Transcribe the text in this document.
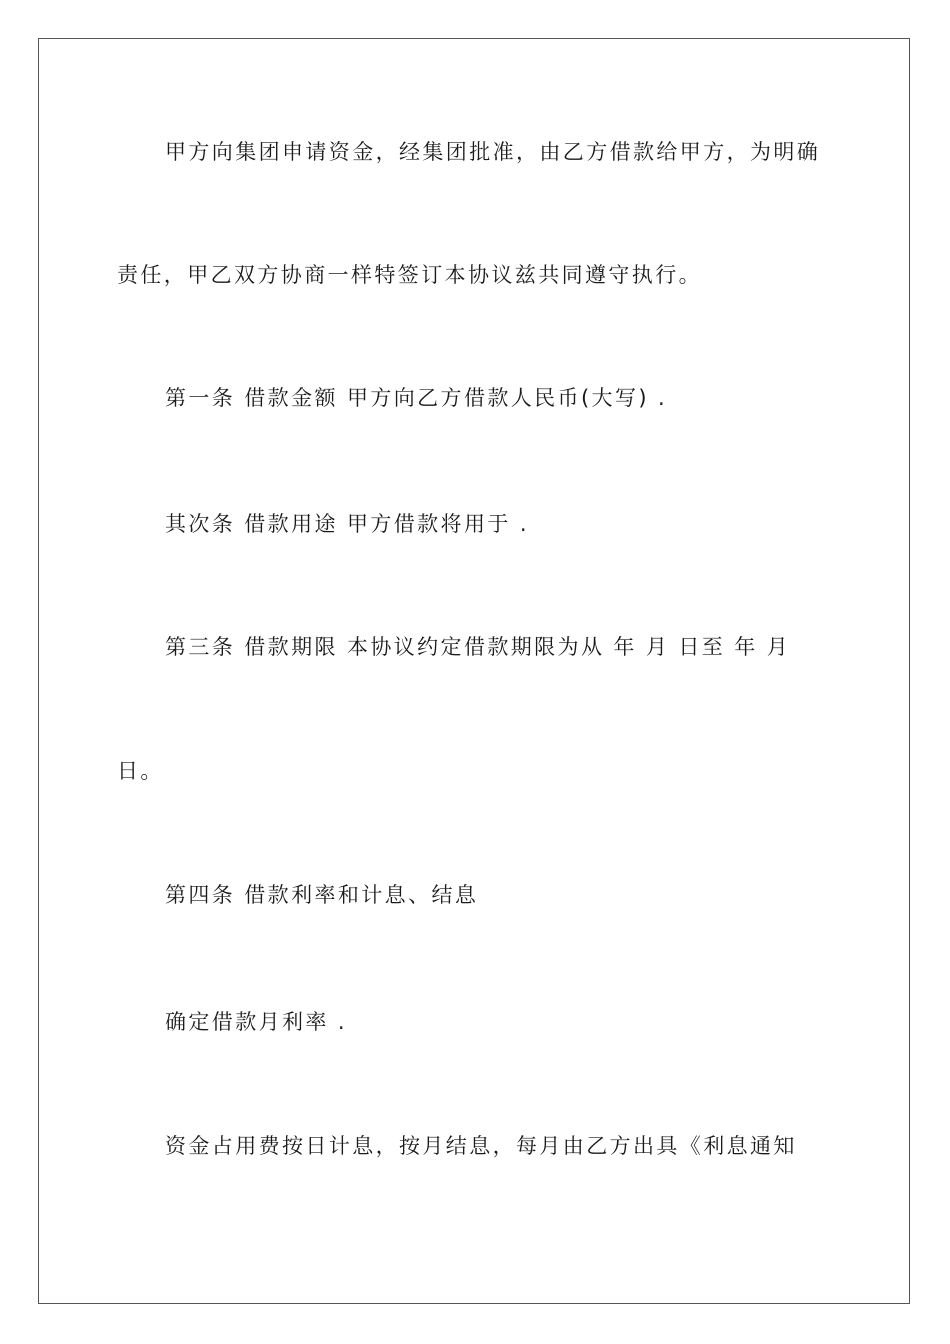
甲方向集团申请资金，经集团批准，由乙方借款给甲方，为明确

责任，甲乙双方协商一样特签订本协议兹共同遵守执行。

第一条 借款金额 甲方向乙方借款人民币(大写) .

其次条 借款用途 甲方借款将用于 .

第三条 借款期限 本协议约定借款期限为从 年 月 日至 年 月

日。

第四条 借款利率和计息、结息

确定借款月利率 .

资金占用费按日计息，按月结息，每月由乙方出具《利息通知
